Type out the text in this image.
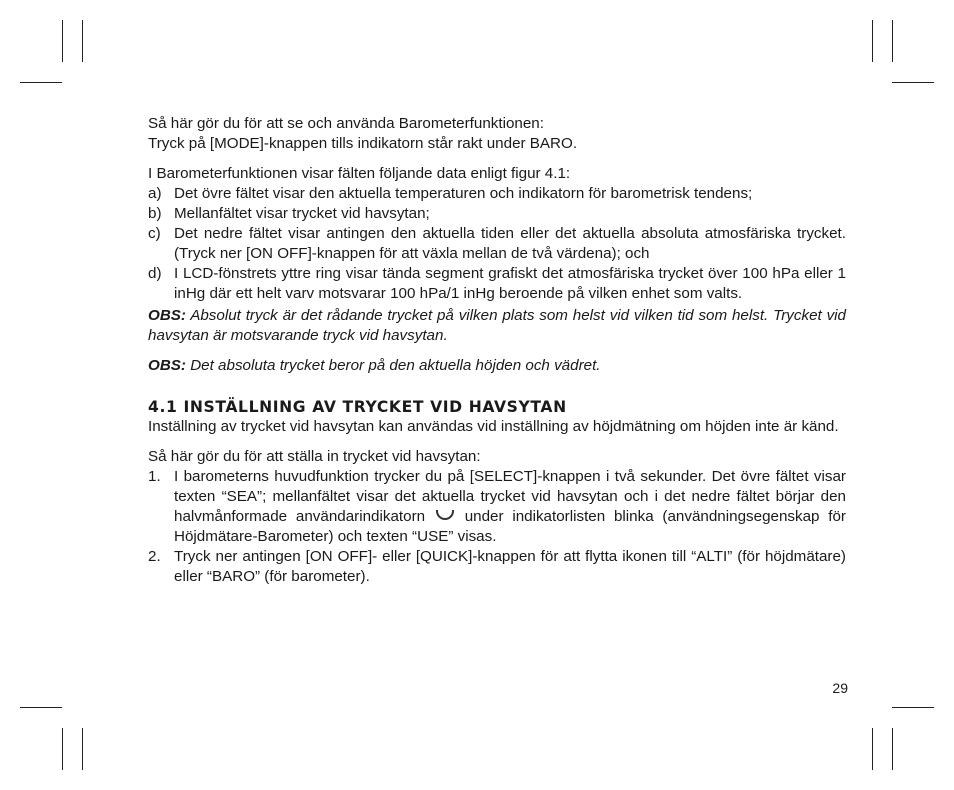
Så här gör du för att se och använda Barometerfunktionen:

Tryck på [MODE]-knappen tills indikatorn står rakt under BARO.

I Barometerfunktionen visar fälten följande data enligt figur 4.1:

a) Det övre fältet visar den aktuella temperaturen och indikatorn för barometrisk tendens;
b) Mellanfältet visar trycket vid havsytan;
c) Det nedre fältet visar antingen den aktuella tiden eller det aktuella absoluta atmosfäriska trycket. (Tryck ner [ON OFF]-knappen för att växla mellan de två värdena); och
d) I LCD-fönstrets yttre ring visar tända segment grafiskt det atmosfäriska trycket över 100 hPa eller 1 inHg där ett helt varv motsvarar 100 hPa/1 inHg beroende på vilken enhet som valts.

OBS: Absolut tryck är det rådande trycket på vilken plats som helst vid vilken tid som helst. Trycket vid havsytan är motsvarande tryck vid havsytan.

OBS: Det absoluta trycket beror på den aktuella höjden och vädret.

4.1 INSTÄLLNING AV TRYCKET VID HAVSYTAN

Inställning av trycket vid havsytan kan användas vid inställning av höjdmätning om höjden inte är känd.

Så här gör du för att ställa in trycket vid havsytan:

1. I barometerns huvudfunktion trycker du på [SELECT]-knappen i två sekunder. Det övre fältet visar texten “SEA”; mellanfältet visar det aktuella trycket vid havsytan och i det nedre fältet börjar den halvmånformade användarindikatorn	under indikatorlisten blinka (användningsegenskap för Höjdmätare-Barometer) och texten “USE” visas.
2. Tryck ner antingen [ON OFF]- eller [QUICK]-knappen för att flytta ikonen till “ALTI” (för höjdmätare) eller “BARO” (för barometer).
29
